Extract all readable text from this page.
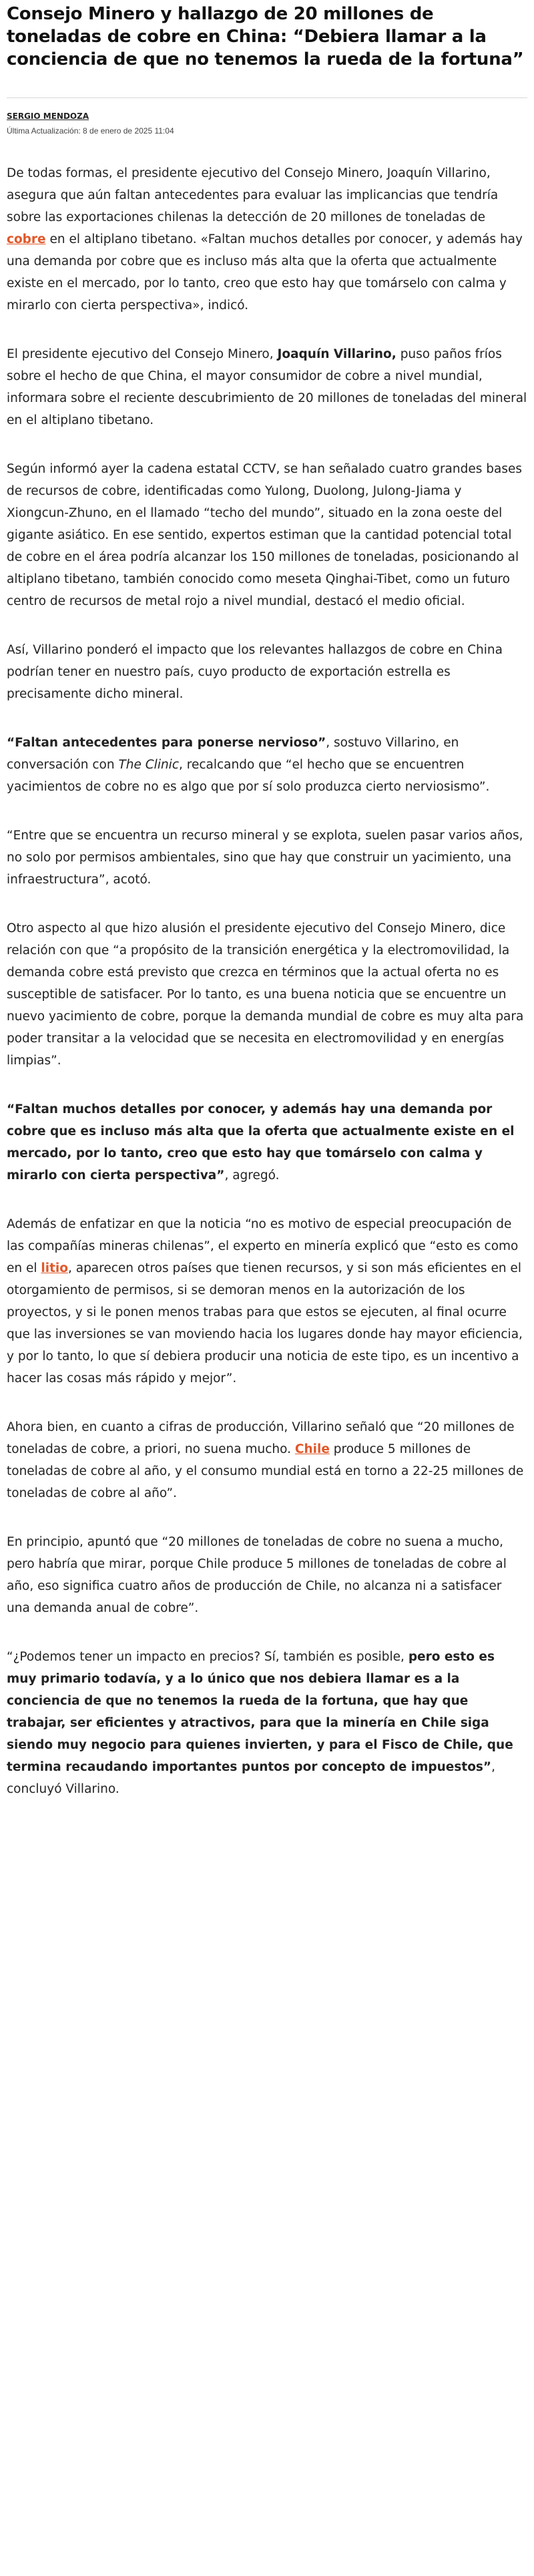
Consejo Minero y hallazgo de 20 millones de toneladas de cobre en China: “Debiera llamar a la conciencia de que no tenemos la rueda de la fortuna”
SERGIO MENDOZA
Última Actualización: 8 de enero de 2025 11:04

De todas formas, el presidente ejecutivo del Consejo Minero, Joaquín Villarino, asegura que aún faltan antecedentes para evaluar las implicancias que tendría sobre las exportaciones chilenas la detección de 20 millones de toneladas de cobre en el altiplano tibetano. «Faltan muchos detalles por conocer, y además hay una demanda por cobre que es incluso más alta que la oferta que actualmente existe en el mercado, por lo tanto, creo que esto hay que tomárselo con calma y mirarlo con cierta perspectiva», indicó.

El presidente ejecutivo del Consejo Minero, Joaquín Villarino, puso paños fríos sobre el hecho de que China, el mayor consumidor de cobre a nivel mundial, informara sobre el reciente descubrimiento de 20 millones de toneladas del mineral en el altiplano tibetano.

Según informó ayer la cadena estatal CCTV, se han señalado cuatro grandes bases de recursos de cobre, identificadas como Yulong, Duolong, Julong-Jiama y Xiongcun-Zhuno, en el llamado “techo del mundo”, situado en la zona oeste del gigante asiático. En ese sentido, expertos estiman que la cantidad potencial total de cobre en el área podría alcanzar los 150 millones de toneladas, posicionando al altiplano tibetano, también conocido como meseta Qinghai-Tibet, como un futuro centro de recursos de metal rojo a nivel mundial, destacó el medio oficial.

Así, Villarino ponderó el impacto que los relevantes hallazgos de cobre en China podrían tener en nuestro país, cuyo producto de exportación estrella es precisamente dicho mineral.

“Faltan antecedentes para ponerse nervioso”, sostuvo Villarino, en conversación con The Clinic, recalcando que “el hecho que se encuentren yacimientos de cobre no es algo que por sí solo produzca cierto nerviosismo”.

“Entre que se encuentra un recurso mineral y se explota, suelen pasar varios años, no solo por permisos ambientales, sino que hay que construir un yacimiento, una infraestructura”, acotó.

Otro aspecto al que hizo alusión el presidente ejecutivo del Consejo Minero, dice relación con que “a propósito de la transición energética y la electromovilidad, la demanda cobre está previsto que crezca en términos que la actual oferta no es susceptible de satisfacer. Por lo tanto, es una buena noticia que se encuentre un nuevo yacimiento de cobre, porque la demanda mundial de cobre es muy alta para poder transitar a la velocidad que se necesita en electromovilidad y en energías limpias”.

“Faltan muchos detalles por conocer, y además hay una demanda por cobre que es incluso más alta que la oferta que actualmente existe en el mercado, por lo tanto, creo que esto hay que tomárselo con calma y mirarlo con cierta perspectiva”, agregó.

Además de enfatizar en que la noticia “no es motivo de especial preocupación de las compañías mineras chilenas”, el experto en minería explicó que “esto es como en el litio, aparecen otros países que tienen recursos, y si son más eficientes en el otorgamiento de permisos, si se demoran menos en la autorización de los proyectos, y si le ponen menos trabas para que estos se ejecuten, al final ocurre que las inversiones se van moviendo hacia los lugares donde hay mayor eficiencia, y por lo tanto, lo que sí debiera producir una noticia de este tipo, es un incentivo a hacer las cosas más rápido y mejor”.

Ahora bien, en cuanto a cifras de producción, Villarino señaló que “20 millones de toneladas de cobre, a priori, no suena mucho. Chile produce 5 millones de toneladas de cobre al año, y el consumo mundial está en torno a 22-25 millones de toneladas de cobre al año”.

En principio, apuntó que “20 millones de toneladas de cobre no suena a mucho, pero habría que mirar, porque Chile produce 5 millones de toneladas de cobre al año, eso significa cuatro años de producción de Chile, no alcanza ni a satisfacer una demanda anual de cobre”.

“¿Podemos tener un impacto en precios? Sí, también es posible, pero esto es muy primario todavía, y a lo único que nos debiera llamar es a la conciencia de que no tenemos la rueda de la fortuna, que hay que trabajar, ser eficientes y atractivos, para que la minería en Chile siga siendo muy negocio para quienes invierten, y para el Fisco de Chile, que termina recaudando importantes puntos por concepto de impuestos”, concluyó Villarino.
